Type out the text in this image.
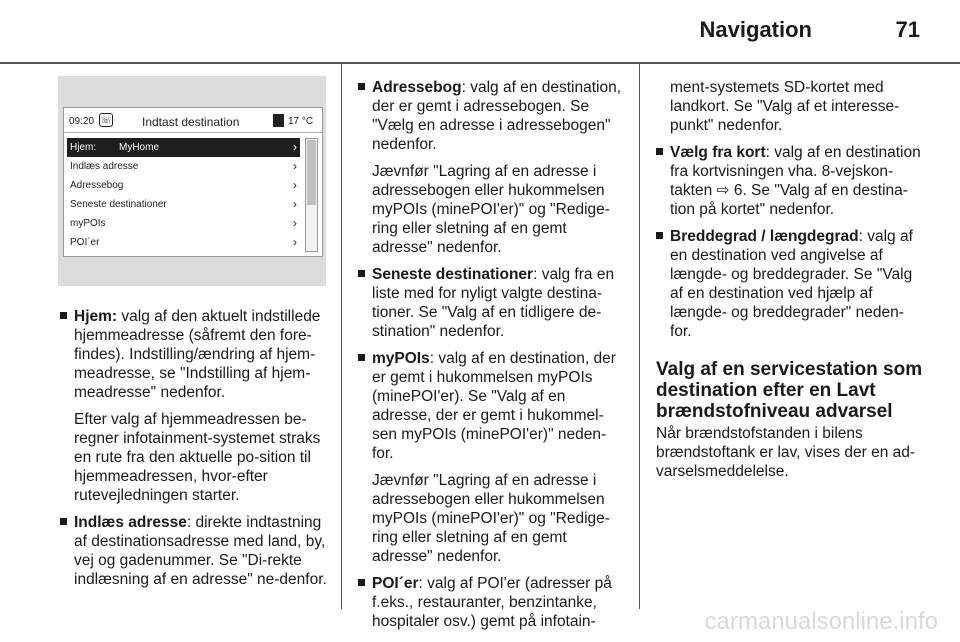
Navigation	71
09:20 ☏	Indtast destination	17 °C
Hjem: MyHome	›
Indlæs adresse	›
Adressebog	›
Seneste destinationer	›
myPOIs	›
POI´er	›
Hjem: valg af den aktuelt indstillede hjemmeadresse (såfremt den fore-findes). Indstilling/ændring af hjem-meadresse, se "Indstilling af hjem-meadresse" nedenfor.
Efter valg af hjemmeadressen be-regner infotainment-systemet straks en rute fra den aktuelle po-sition til hjemmeadressen, hvor-efter rutevejledningen starter.
Indlæs adresse: direkte indtastning af destinationsadresse med land, by, vej og gadenummer. Se "Di-rekte indlæsning af en adresse" ne-denfor.
Adressebog: valg af en destination, der er gemt i adressebogen. Se "Vælg en adresse i adressebogen" nedenfor.
Jævnfør "Lagring af en adresse i adressebogen eller hukommelsen myPOIs (minePOI'er)" og "Redige-ring eller sletning af en gemt adresse" nedenfor.
Seneste destinationer: valg fra en liste med for nyligt valgte destina-tioner. Se "Valg af en tidligere de-stination" nedenfor.
myPOIs: valg af en destination, der er gemt i hukommelsen myPOIs (minePOI'er). Se "Valg af en adresse, der er gemt i hukommel-sen myPOIs (minePOI'er)" neden-for.
Jævnfør "Lagring af en adresse i adressebogen eller hukommelsen myPOIs (minePOI'er)" og "Redige-ring eller sletning af en gemt adresse" nedenfor.
POI´er: valg af POI'er (adresser på f.eks., restauranter, benzintanke, hospitaler osv.) gemt på infotain-
ment-systemets SD-kortet med landkort. Se "Valg af et interesse-punkt" nedenfor.
Vælg fra kort: valg af en destination fra kortvisningen vha. 8-vejskon-takten ⇨ 6. Se "Valg af en destina-tion på kortet" nedenfor.
Breddegrad / længdegrad: valg af en destination ved angivelse af længde- og breddegrader. Se "Valg af en destination ved hjælp af længde- og breddegrader" neden-for.
Valg af en servicestation som destination efter en Lavt brændstofniveau advarsel
Når brændstofstanden i bilens brændstoftank er lav, vises der en ad-varselsmeddelelse.
carmanualsonline.info
